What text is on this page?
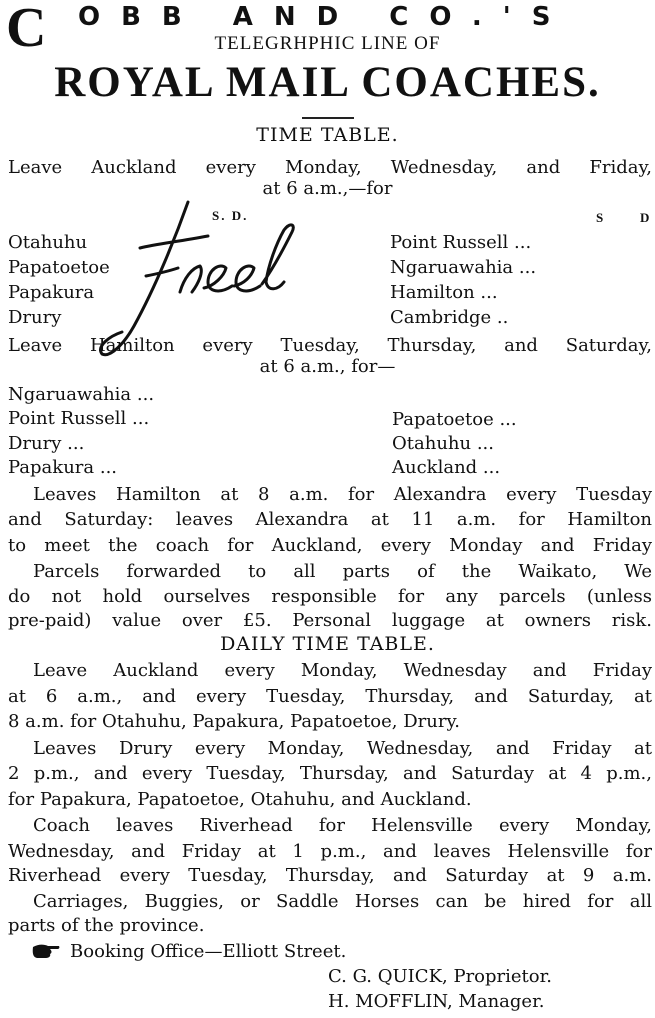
C OBB AND CO.'S
TELEGRHPHIC LINE OF
ROYAL MAIL COACHES.
TIME TABLE.
Leave Auckland every Monday, Wednesday, and Friday,
at 6 a.m.,—for
S. D.	S	D
Otahuhu
Papatoetoe
Papakura
Drury
Point Russell ...
Ngaruawahia ...
Hamilton ...
Cambridge ..
Leave Hamilton every Tuesday, Thursday, and Saturday,
at 6 a.m., for—
Ngaruawahia ...
Point Russell ...
Drury ...
Papakura ...
Papatoetoe ...
Otahuhu ...
Auckland ...
Leaves Hamilton at 8 a.m. for Alexandra every Tuesday
and Saturday: leaves Alexandra at 11 a.m. for Hamilton
to meet the coach for Auckland, every Monday and Friday
Parcels forwarded to all parts of the Waikato, We
do not hold ourselves responsible for any parcels (unless
pre-paid) value over £5. Personal luggage at owners risk.
DAILY TIME TABLE.
Leave Auckland every Monday, Wednesday and Friday
at 6 a.m., and every Tuesday, Thursday, and Saturday, at
8 a.m. for Otahuhu, Papakura, Papatoetoe, Drury.
Leaves Drury every Monday, Wednesday, and Friday at
2 p.m., and every Tuesday, Thursday, and Saturday at 4 p.m.,
for Papakura, Papatoetoe, Otahuhu, and Auckland.
Coach leaves Riverhead for Helensville every Monday,
Wednesday, and Friday at 1 p.m., and leaves Helensville for
Riverhead every Tuesday, Thursday, and Saturday at 9 a.m.
Carriages, Buggies, or Saddle Horses can be hired for all
parts of the province.
Booking Office—Elliott Street.
C. G. QUICK, Proprietor.
H. MOFFLIN, Manager.
